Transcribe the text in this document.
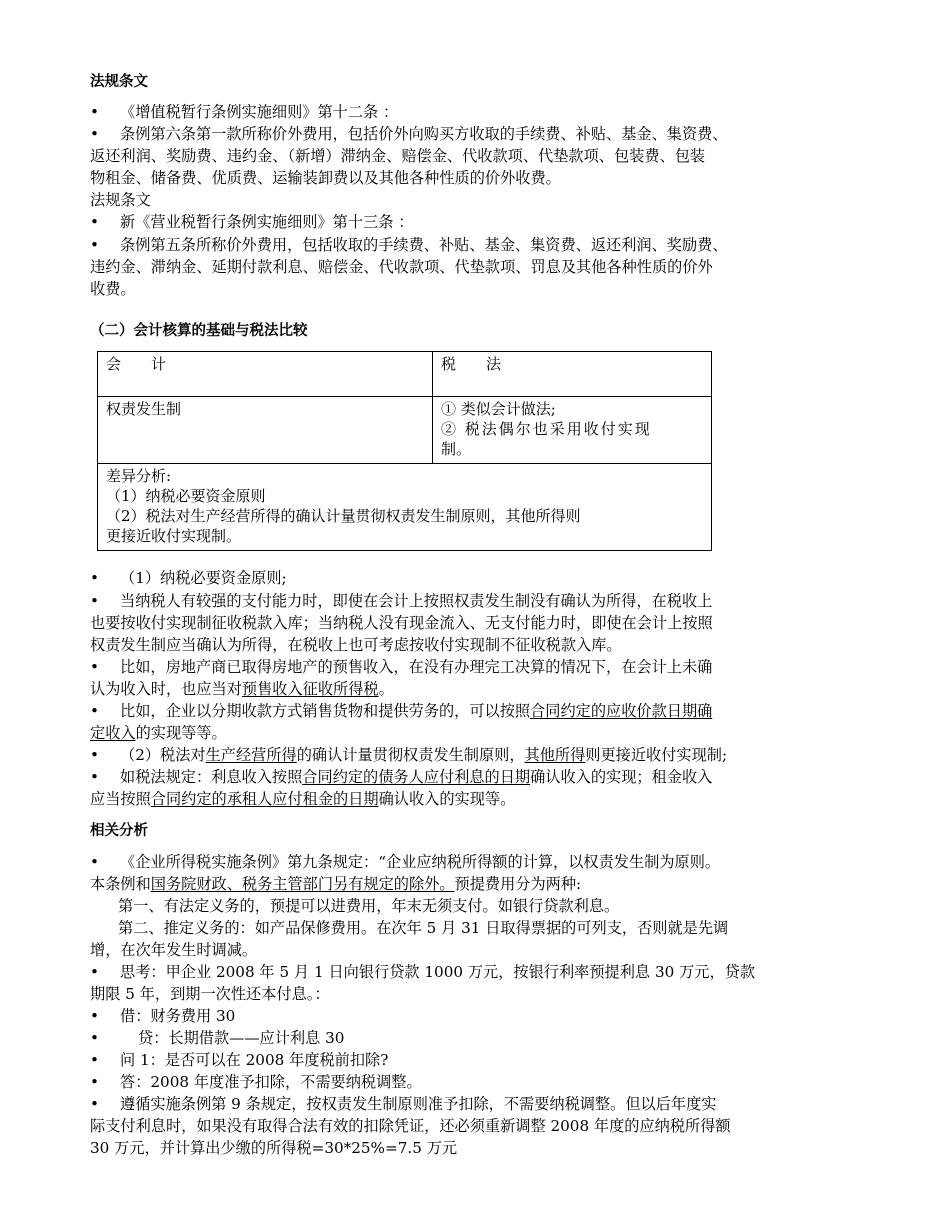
法规条文
• 《增值税暂行条例实施细则》第十二条 ：
• 条例第六条第一款所称价外费用，包括价外向购买方收取的手续费、补贴、基金、集资费、
返还利润、奖励费、违约金、（新增）滞纳金、赔偿金、代收款项、代垫款项、包装费、包装
物租金、储备费、优质费、运输装卸费以及其他各种性质的价外收费。
法规条文
• 新《营业税暂行条例实施细则》第十三条 ：
• 条例第五条所称价外费用，包括收取的手续费、补贴、基金、集资费、返还利润、奖励费、
违约金、滞纳金、延期付款利息、赔偿金、代收款项、代垫款项、罚息及其他各种性质的价外
收费。
（二）会计核算的基础与税法比较
会　　计	税　　法
权责发生制	① 类似会计做法;
② 税法偶尔也采用收付实现
制。

差异分析:
（1）纳税必要资金原则
（2）税法对生产经营所得的确认计量贯彻权责发生制原则，其他所得则
更接近收付实现制。	
• （1）纳税必要资金原则;
• 当纳税人有较强的支付能力时，即使在会计上按照权责发生制没有确认为所得，在税收上
也要按收付实现制征收税款入库；当纳税人没有现金流入、无支付能力时，即使在会计上按照
权责发生制应当确认为所得，在税收上也可考虑按收付实现制不征收税款入库。
• 比如，房地产商已取得房地产的预售收入，在没有办理完工决算的情况下，在会计上未确
认为收入时，也应当对预售收入征收所得税。
• 比如，企业以分期收款方式销售货物和提供劳务的，可以按照合同约定的应收价款日期确
定收入的实现等等。
• （2）税法对生产经营所得的确认计量贯彻权责发生制原则，其他所得则更接近收付实现制;
• 如税法规定：利息收入按照合同约定的债务人应付利息的日期确认收入的实现；租金收入
应当按照合同约定的承租人应付租金的日期确认收入的实现等。
相关分析
• 《企业所得税实施条例》第九条规定：“企业应纳税所得额的计算，以权责发生制为原则。
本条例和国务院财政、税务主管部门另有规定的除外。预提费用分为两种:
第一、有法定义务的，预提可以进费用，年末无须支付。如银行贷款利息。
第二、推定义务的：如产品保修费用。在次年 5 月 31 日取得票据的可列支，否则就是先调
增，在次年发生时调减。
• 思考：甲企业 2008 年 5 月 1 日向银行贷款 1000 万元，按银行利率预提利息 30 万元，贷款
期限 5 年，到期一次性还本付息。：
• 借：财务费用 30
•	贷：长期借款——应计利息 30
• 问 1：是否可以在 2008 年度税前扣除?
• 答：2008 年度准予扣除，不需要纳税调整。
• 遵循实施条例第 9 条规定，按权责发生制原则准予扣除，不需要纳税调整。但以后年度实
际支付利息时，如果没有取得合法有效的扣除凭证，还必须重新调整 2008 年度的应纳税所得额
30 万元，并计算出少缴的所得税=30*25%=7.5 万元
